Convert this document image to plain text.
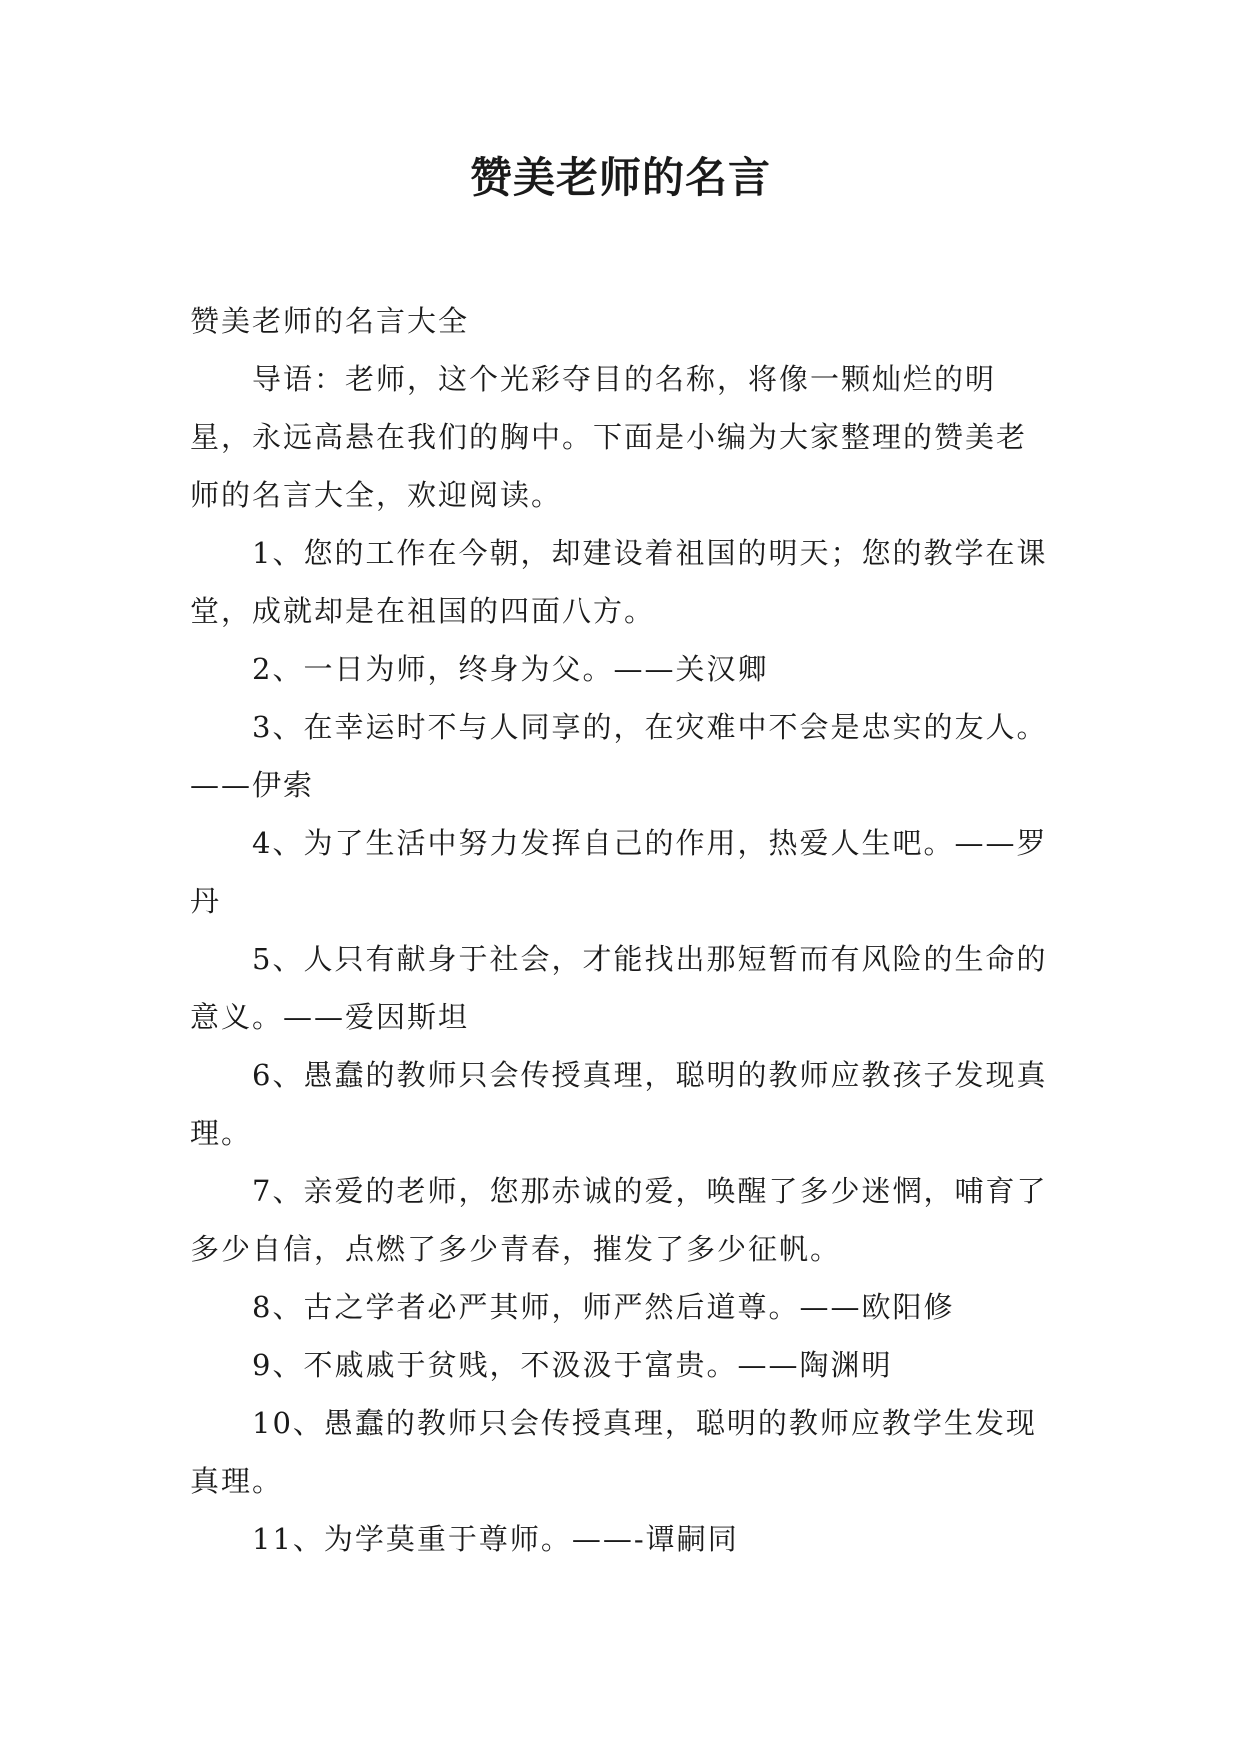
赞美老师的名言

赞美老师的名言大全

导语：老师，这个光彩夺目的名称，将像一颗灿烂的明星，永远高悬在我们的胸中。下面是小编为大家整理的赞美老师的名言大全，欢迎阅读。

1、您的工作在今朝，却建设着祖国的明天；您的教学在课堂，成就却是在祖国的四面八方。

2、一日为师，终身为父。——关汉卿

3、在幸运时不与人同享的，在灾难中不会是忠实的友人。——伊索

4、为了生活中努力发挥自己的作用，热爱人生吧。——罗丹

5、人只有献身于社会，才能找出那短暂而有风险的生命的意义。——爱因斯坦

6、愚蠢的教师只会传授真理，聪明的教师应教孩子发现真理。

7、亲爱的老师，您那赤诚的爱，唤醒了多少迷惘，哺育了多少自信，点燃了多少青春，摧发了多少征帆。

8、古之学者必严其师，师严然后道尊。——欧阳修

9、不戚戚于贫贱，不汲汲于富贵。——陶渊明

10、愚蠢的教师只会传授真理，聪明的教师应教学生发现真理。

11、为学莫重于尊师。——-谭嗣同
